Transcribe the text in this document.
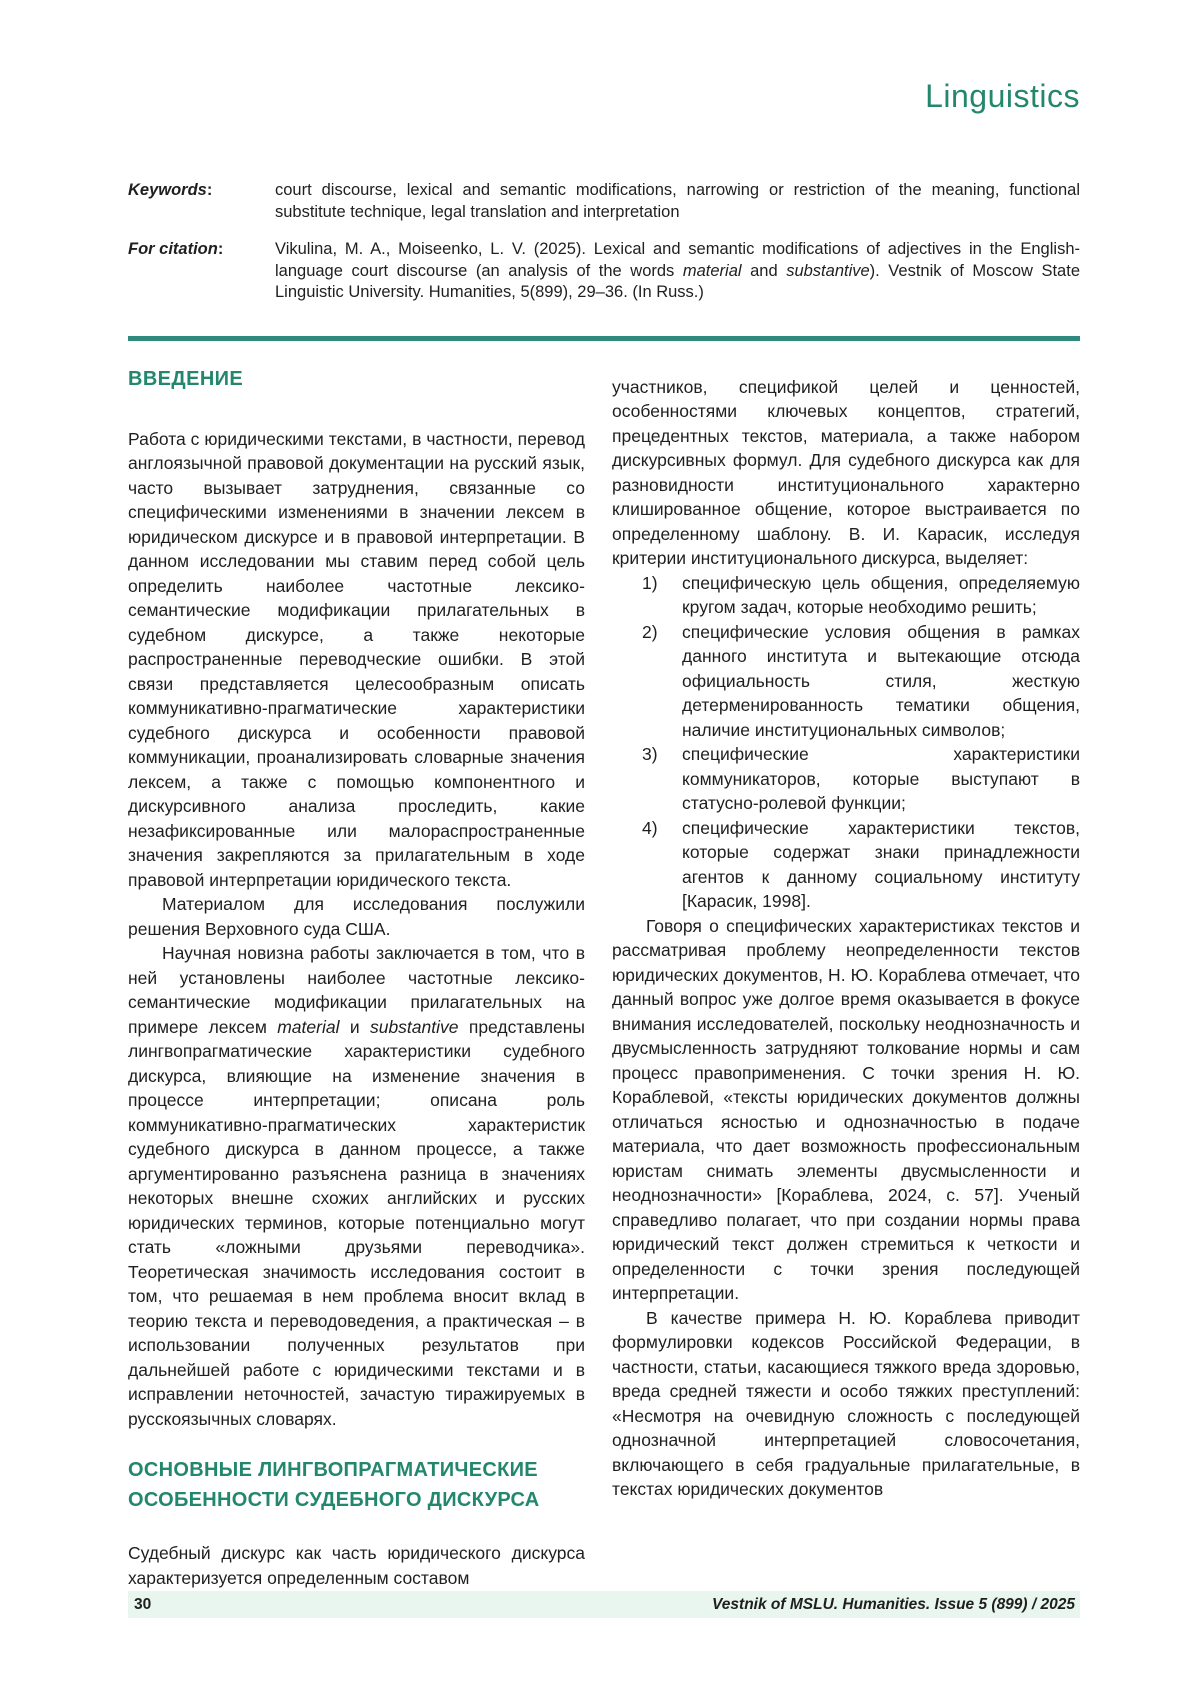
Linguistics
Keywords:	court discourse, lexical and semantic modifications, narrowing or restriction of the meaning, functional substitute technique, legal translation and interpretation
For citation:	Vikulina, M. A., Moiseenko, L. V. (2025). Lexical and semantic modifications of adjectives in the English-language court discourse (an analysis of the words material and substantive). Vestnik of Moscow State Linguistic University. Humanities, 5(899), 29–36. (In Russ.)
ВВЕДЕНИЕ

Работа с юридическими текстами, в частности, перевод англоязычной правовой документации на русский язык, часто вызывает затруднения, связанные со специфическими изменениями в значении лексем в юридическом дискурсе и в правовой интерпретации. В данном исследовании мы ставим перед собой цель определить наиболее частотные лексико-семантические модификации прилагательных в судебном дискурсе, а также некоторые распространенные переводческие ошибки. В этой связи представляется целесообразным описать коммуникативно-прагматические характеристики судебного дискурса и особенности правовой коммуникации, проанализировать словарные значения лексем, а также с помощью компонентного и дискурсивного анализа проследить, какие незафиксированные или малораспространенные значения закрепляются за прилагательным в ходе правовой интерпретации юридического текста.

Материалом для исследования послужили решения Верховного суда США.

Научная новизна работы заключается в том, что в ней установлены наиболее частотные лексико-семантические модификации прилагательных на примере лексем material и substantive представлены лингвопрагматические характеристики судебного дискурса, влияющие на изменение значения в процессе интерпретации; описана роль коммуникативно-прагматических характеристик судебного дискурса в данном процессе, а также аргументированно разъяснена разница в значениях некоторых внешне схожих английских и русских юридических терминов, которые потенциально могут стать «ложными друзьями переводчика». Теоретическая значимость исследования состоит в том, что решаемая в нем проблема вносит вклад в теорию текста и переводоведения, а практическая – в использовании полученных результатов при дальнейшей работе с юридическими текстами и в исправлении неточностей, зачастую тиражируемых в русскоязычных словарях.

ОСНОВНЫЕ ЛИНГВОПРАГМАТИЧЕСКИЕ
ОСОБЕННОСТИ СУДЕБНОГО ДИСКУРСА

Судебный дискурс как часть юридического дискурса характеризуется определенным составом

участников, спецификой целей и ценностей, особенностями ключевых концептов, стратегий, прецедентных текстов, материала, а также набором дискурсивных формул. Для судебного дискурса как для разновидности институционального характерно клишированное общение, которое выстраивается по определенному шаблону. В. И. Карасик, исследуя критерии институционального дискурса, выделяет:

1) специфическую цель общения, определяемую кругом задач, которые необходимо решить;
2) специфические условия общения в рамках данного института и вытекающие отсюда официальность стиля, жесткую детерменированность тематики общения, наличие институциональных символов;
3) специфические характеристики коммуникаторов, которые выступают в статусно-ролевой функции;
4) специфические характеристики текстов, которые содержат знаки принадлежности агентов к данному социальному институту [Карасик, 1998].

Говоря о специфических характеристиках текстов и рассматривая проблему неопределенности текстов юридических документов, Н. Ю. Кораблева отмечает, что данный вопрос уже долгое время оказывается в фокусе внимания исследователей, поскольку неоднозначность и двусмысленность затрудняют толкование нормы и сам процесс правоприменения. С точки зрения Н. Ю. Кораблевой, «тексты юридических документов должны отличаться ясностью и однозначностью в подаче материала, что дает возможность профессиональным юристам снимать элементы двусмысленности и неоднозначности» [Кораблева, 2024, с. 57]. Ученый справедливо полагает, что при создании нормы права юридический текст должен стремиться к четкости и определенности с точки зрения последующей интерпретации.

В качестве примера Н. Ю. Кораблева приводит формулировки кодексов Российской Федерации, в частности, статьи, касающиеся тяжкого вреда здоровью, вреда средней тяжести и особо тяжких преступлений: «Несмотря на очевидную сложность с последующей однозначной интерпретацией словосочетания, включающего в себя градуальные прилагательные, в текстах юридических документов

30	Vestnik of MSLU. Humanities. Issue 5 (899) / 2025
